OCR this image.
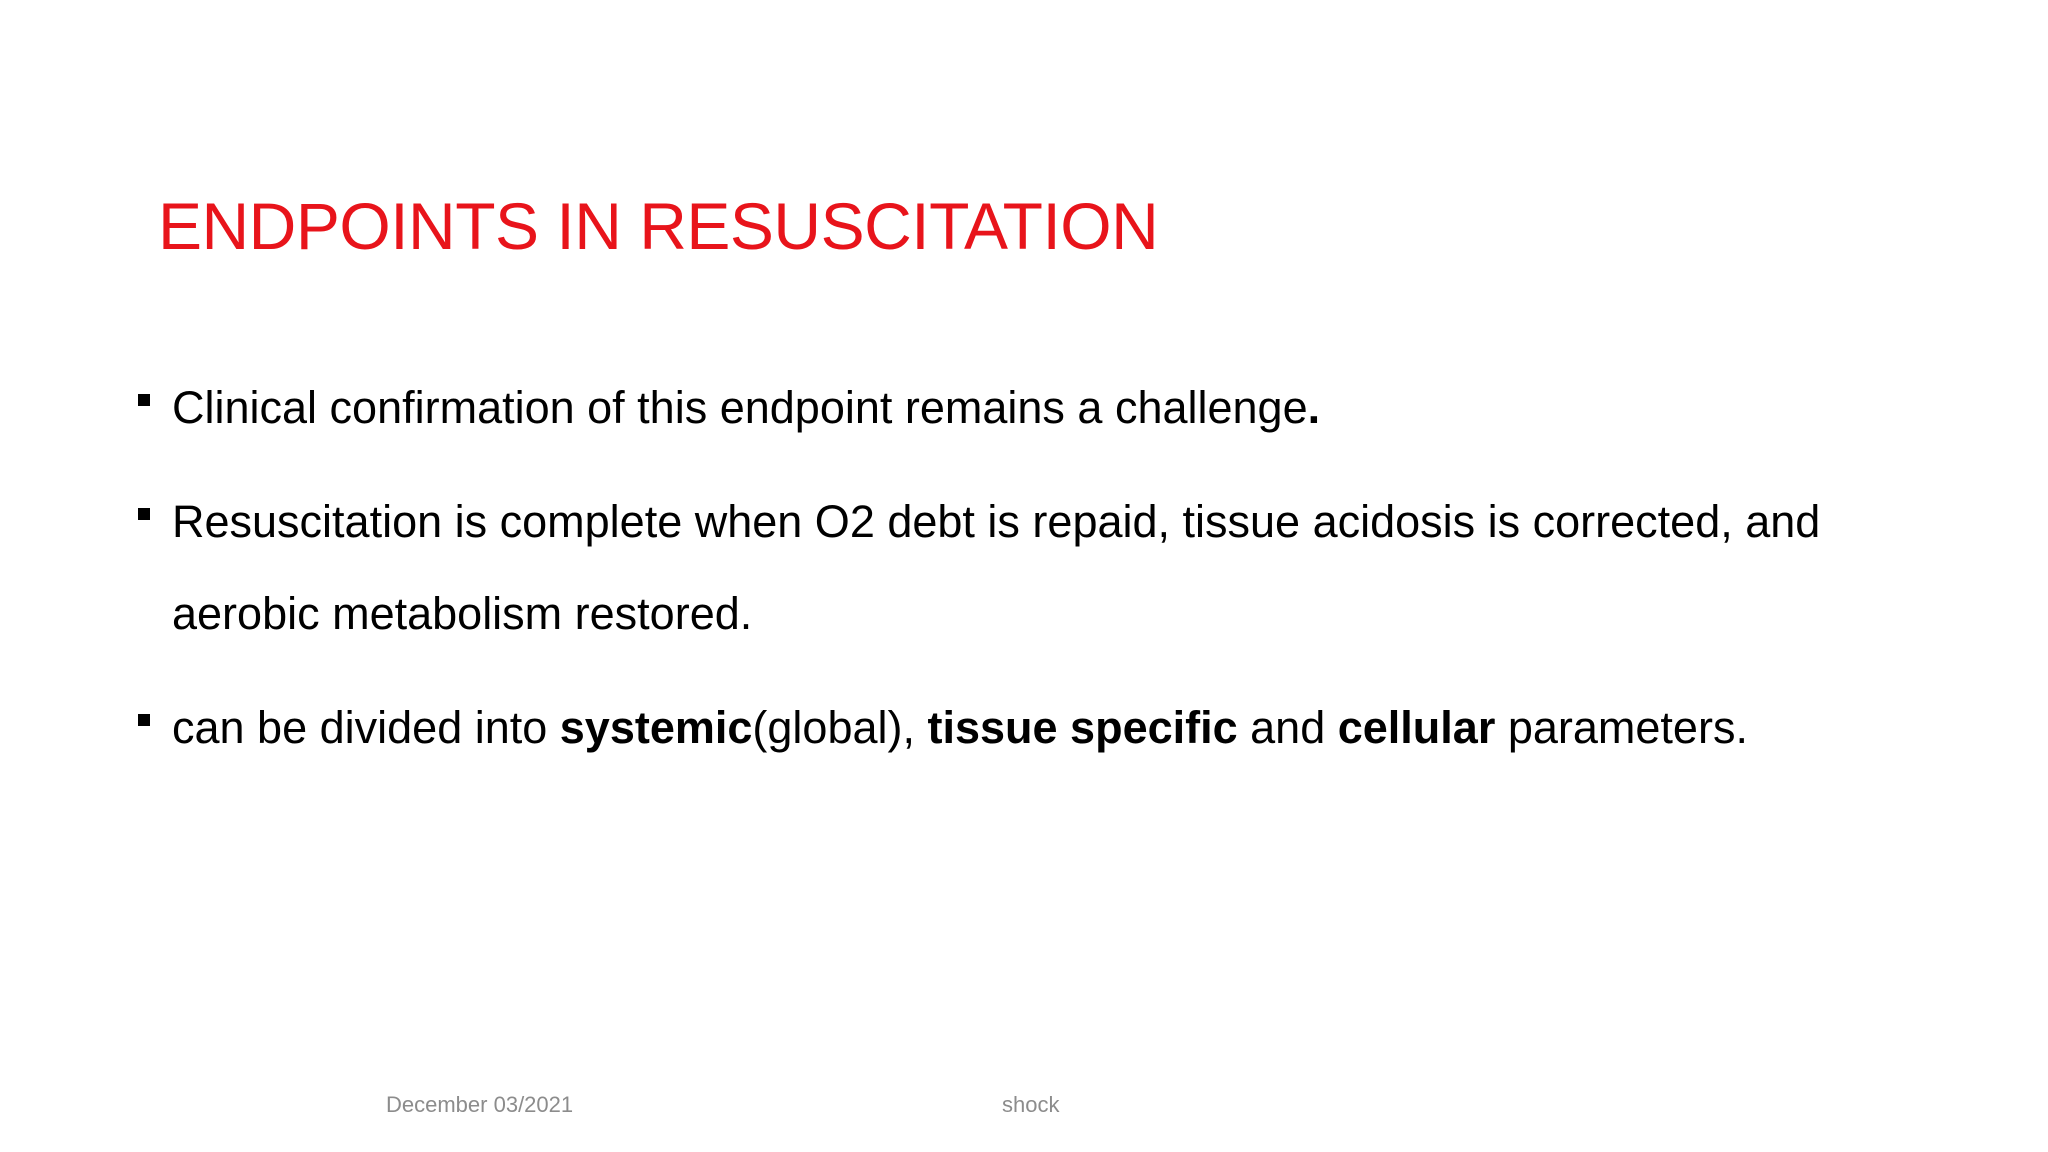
ENDPOINTS IN RESUSCITATION
Clinical confirmation of this endpoint remains a challenge.
Resuscitation is complete when O2 debt is repaid, tissue acidosis is corrected, and aerobic metabolism restored.
can be divided into systemic(global), tissue specific and cellular parameters.
December 03/2021	shock
